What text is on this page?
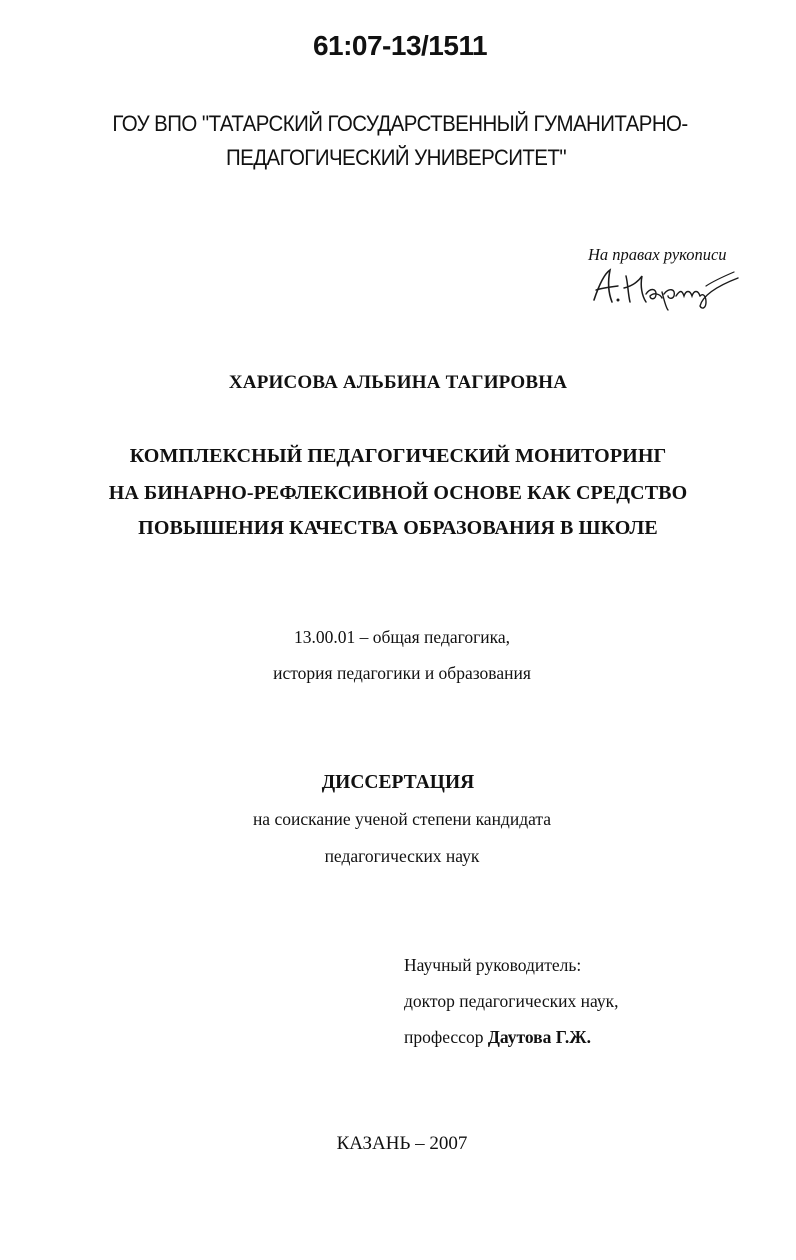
61:07-13/1511
ГОУ ВПО "ТАТАРСКИЙ ГОСУДАРСТВЕННЫЙ ГУМАНИТАРНО-
ПЕДАГОГИЧЕСКИЙ УНИВЕРСИТЕТ"
На правах рукописи
ХАРИСОВА АЛЬБИНА ТАГИРОВНА
КОМПЛЕКСНЫЙ ПЕДАГОГИЧЕСКИЙ МОНИТОРИНГ
НА БИНАРНО-РЕФЛЕКСИВНОЙ ОСНОВЕ КАК СРЕДСТВО
ПОВЫШЕНИЯ КАЧЕСТВА ОБРАЗОВАНИЯ В ШКОЛЕ
13.00.01 – общая педагогика,
история педагогики и образования
ДИССЕРТАЦИЯ
на соискание ученой степени кандидата
педагогических наук
Научный руководитель:
доктор педагогических наук,
профессор Даутова Г.Ж.
КАЗАНЬ – 2007
